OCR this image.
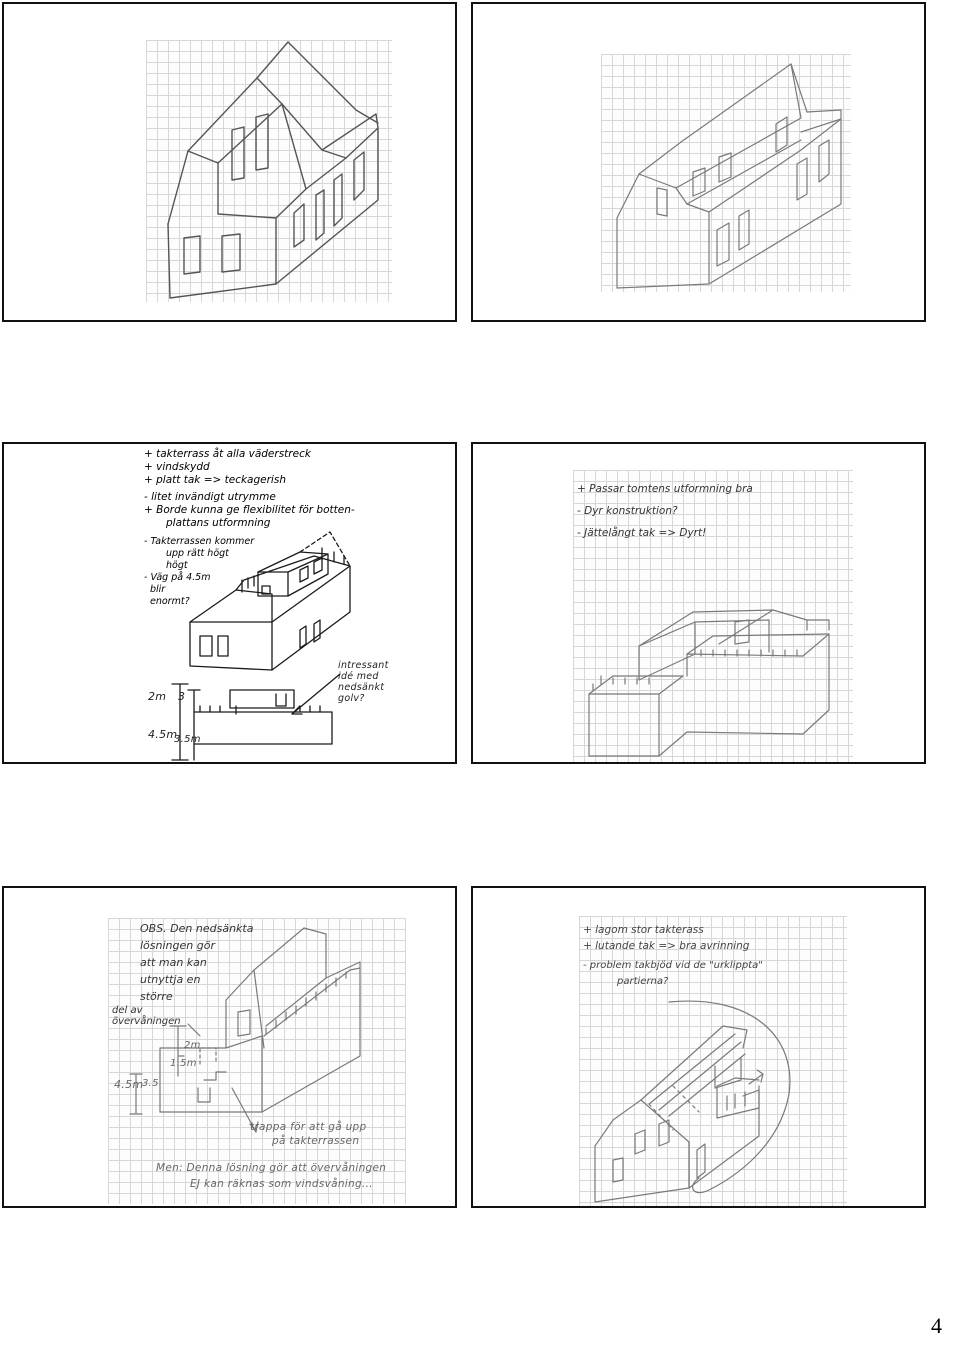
+ takterrass åt alla väderstreck
+ vindskydd
+ platt tak => teckagerish
- litet invändigt utrymme
+ Borde kunna ge flexibilitet för botten-
plattans utformning
- Takterrassen kommer
upp rätt högt
högt
- Väg på 4.5m
blir
enormt?
2m 3
4.5m
3.5m
intressant
idé med
nedsänkt
golv?
+ Passar tomtens utformning bra
- Dyr konstruktion?
- Jättelångt tak => Dyrt!
OBS. Den nedsänkta
lösningen gör
att man kan
utnyttja en
större
del av
övervåningen
2m
1.5m
4.5m
3.5
trappa för att gå upp
på takterrassen
Men: Denna lösning gör att övervåningen
EJ kan räknas som vindsvåning...
+ lagom stor takterass
+ lutande tak => bra avrinning
- problem takbjöd vid de "urklippta"
partierna?
4
